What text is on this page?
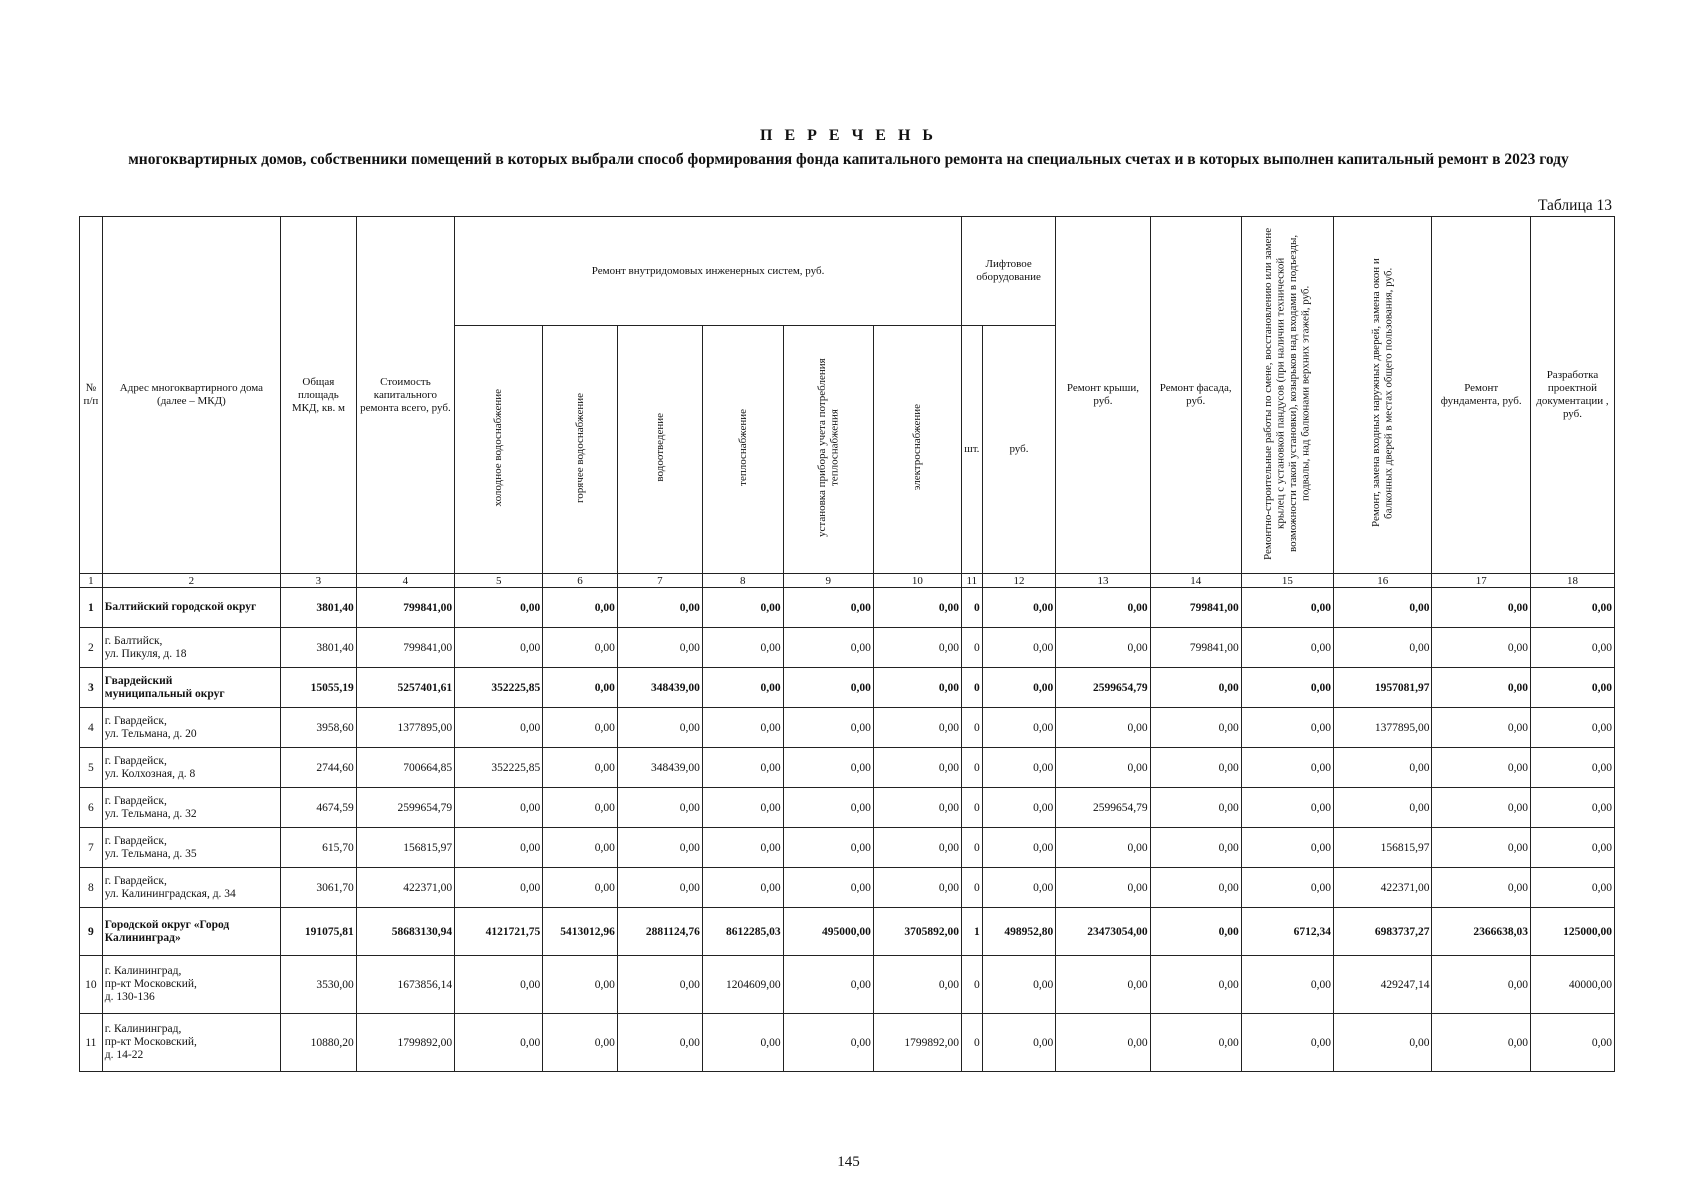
П Е Р Е Ч Е Н Ь
многоквартирных домов, собственники помещений в которых выбрали способ формирования фонда капитального ремонта на специальных счетах и в которых выполнен капитальный ремонт в 2023 году
Таблица 13
№ п/п	Адрес многоквартирного дома (далее – МКД)	Общая площадь МКД, кв. м	Стоимость капитального ремонта всего, руб.	Ремонт внутридомовых инженерных систем, руб.						Лифтовое оборудование		Ремонт крыши, руб.	Ремонт фасада, руб.	Ремонтно-строительные работы по смене, восстановлению или замене крылец с установкой пандусов (при наличии технической возможности такой установки), козырьков над входами в подъезды, подвалы, над балконами верхних этажей, руб.	Ремонт, замена входных наружных дверей, замена окон и балконных дверей в местах общего пользования, руб.	Ремонт фундамента, руб.	Разработка проектной документации , руб.
				холодное водоснабжение	горячее водоснабжение	водоотведение	теплоснабжение	установка прибора учета потребления теплоснабжения	электроснабжение	шт.	руб.						
1	2	3	4	5	6	7	8	9	10	11	12	13	14	15	16	17	18
1	Балтийский городской округ	3801,40	799841,00	0,00	0,00	0,00	0,00	0,00	0,00	0	0,00	0,00	799841,00	0,00	0,00	0,00	0,00
2	г. Балтийск,
ул. Пикуля, д. 18	3801,40	799841,00	0,00	0,00	0,00	0,00	0,00	0,00	0	0,00	0,00	799841,00	0,00	0,00	0,00	0,00
3	Гвардейский
муниципальный округ	15055,19	5257401,61	352225,85	0,00	348439,00	0,00	0,00	0,00	0	0,00	2599654,79	0,00	0,00	1957081,97	0,00	0,00
4	г. Гвардейск,
ул. Тельмана, д. 20	3958,60	1377895,00	0,00	0,00	0,00	0,00	0,00	0,00	0	0,00	0,00	0,00	0,00	1377895,00	0,00	0,00
5	г. Гвардейск,
ул. Колхозная, д. 8	2744,60	700664,85	352225,85	0,00	348439,00	0,00	0,00	0,00	0	0,00	0,00	0,00	0,00	0,00	0,00	0,00
6	г. Гвардейск,
ул. Тельмана, д. 32	4674,59	2599654,79	0,00	0,00	0,00	0,00	0,00	0,00	0	0,00	2599654,79	0,00	0,00	0,00	0,00	0,00
7	г. Гвардейск,
ул. Тельмана, д. 35	615,70	156815,97	0,00	0,00	0,00	0,00	0,00	0,00	0	0,00	0,00	0,00	0,00	156815,97	0,00	0,00
8	г. Гвардейск,
ул. Калининградская, д. 34	3061,70	422371,00	0,00	0,00	0,00	0,00	0,00	0,00	0	0,00	0,00	0,00	0,00	422371,00	0,00	0,00
9	Городской округ «Город
Калининград»	191075,81	58683130,94	4121721,75	5413012,96	2881124,76	8612285,03	495000,00	3705892,00	1	498952,80	23473054,00	0,00	6712,34	6983737,27	2366638,03	125000,00
10	г. Калининград,
пр-кт Московский,
д. 130-136	3530,00	1673856,14	0,00	0,00	0,00	1204609,00	0,00	0,00	0	0,00	0,00	0,00	0,00	429247,14	0,00	40000,00
11	г. Калининград,
пр-кт Московский,
д. 14-22	10880,20	1799892,00	0,00	0,00	0,00	0,00	0,00	1799892,00	0	0,00	0,00	0,00	0,00	0,00	0,00	0,00
145
